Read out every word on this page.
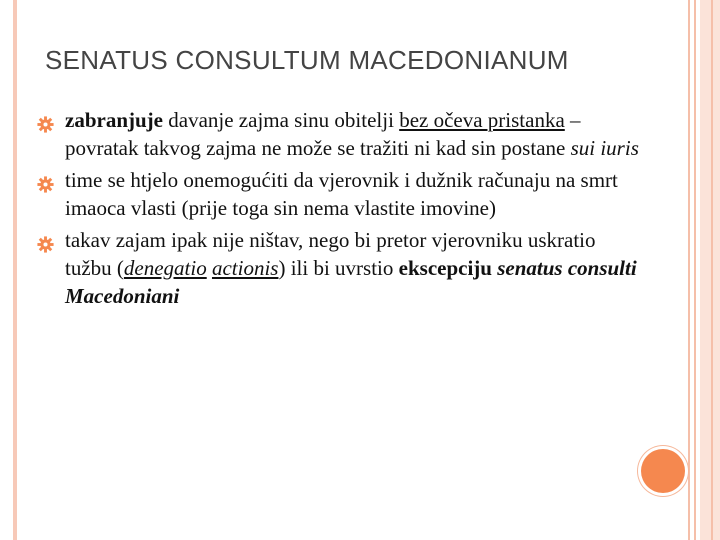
SENATUS CONSULTUM MACEDONIANUM
zabranjuje davanje zajma sinu obitelji bez očeva pristanka – povratak takvog zajma ne može se tražiti ni kad sin postane sui iuris
time se htjelo onemogućiti da vjerovnik i dužnik računaju na smrt imaoca vlasti (prije toga sin nema vlastite imovine)
takav zajam ipak nije ništav, nego bi pretor vjerovniku uskratio tužbu (denegatio actionis) ili bi uvrstio ekscepciju senatus consulti Macedoniani
